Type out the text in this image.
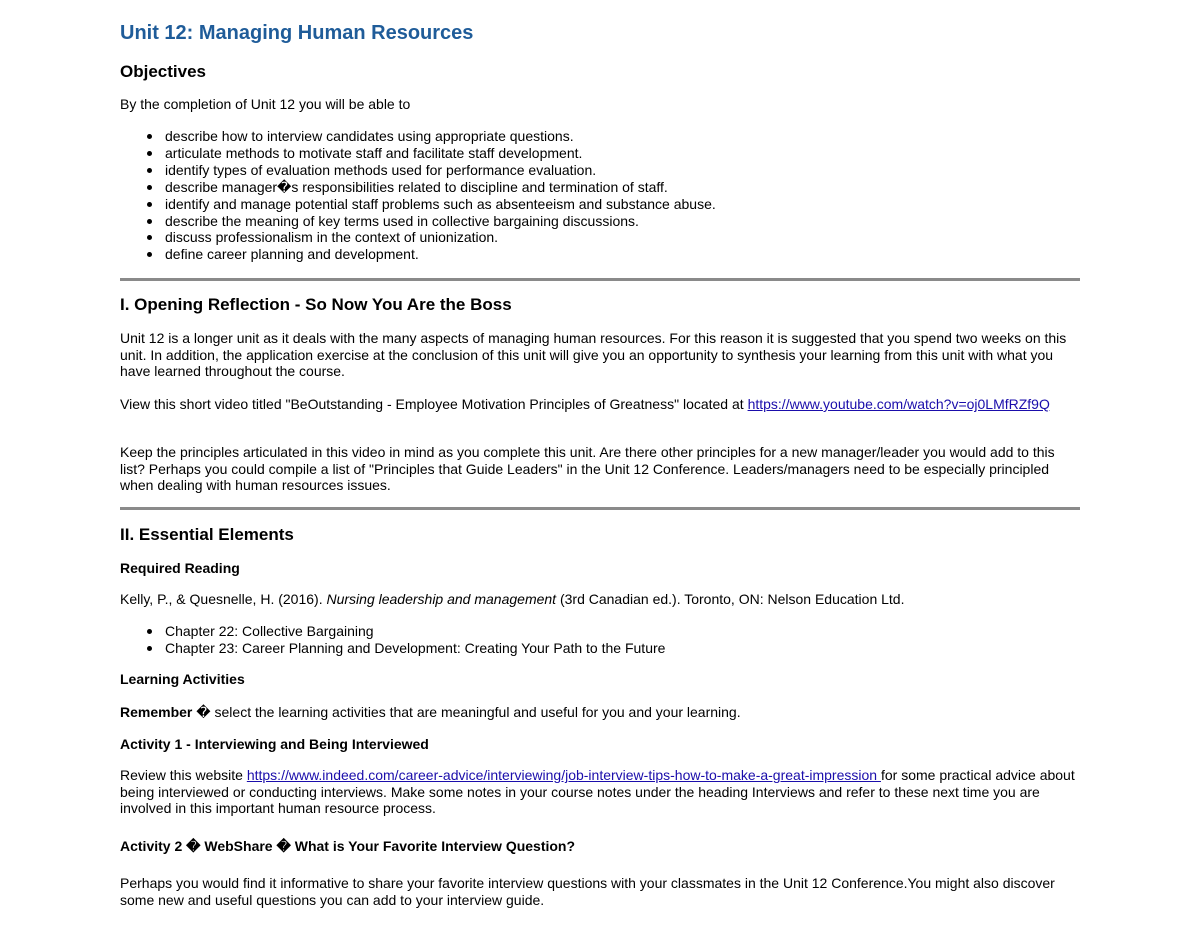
Unit 12: Managing Human Resources
Objectives

By the completion of Unit 12 you will be able to

describe how to interview candidates using appropriate questions.
articulate methods to motivate staff and facilitate staff development.
identify types of evaluation methods used for performance evaluation.
describe manager�s responsibilities related to discipline and termination of staff.
identify and manage potential staff problems such as absenteeism and substance abuse.
describe the meaning of key terms used in collective bargaining discussions.
discuss professionalism in the context of unionization.
define career planning and development.
I. Opening Reflection - So Now You Are the Boss

Unit 12 is a longer unit as it deals with the many aspects of managing human resources. For this reason it is suggested that you spend two weeks on this unit. In addition, the application exercise at the conclusion of this unit will give you an opportunity to synthesis your learning from this unit with what you have learned throughout the course.

View this short video titled "BeOutstanding - Employee Motivation Principles of Greatness" located at https://www.youtube.com/watch?v=oj0LMfRZf9Q

Keep the principles articulated in this video in mind as you complete this unit. Are there other principles for a new manager/leader you would add to this list? Perhaps you could compile a list of "Principles that Guide Leaders" in the Unit 12 Conference. Leaders/managers need to be especially principled when dealing with human resources issues.

II. Essential Elements
Required Reading

Kelly, P., & Quesnelle, H. (2016). Nursing leadership and management (3rd Canadian ed.). Toronto, ON: Nelson Education Ltd.

Chapter 22: Collective Bargaining
Chapter 23: Career Planning and Development: Creating Your Path to the Future
Learning Activities

Remember � select the learning activities that are meaningful and useful for you and your learning.

Activity 1 - Interviewing and Being Interviewed

Review this website https://www.indeed.com/career-advice/interviewing/job-interview-tips-how-to-make-a-great-impression for some practical advice about being interviewed or conducting interviews. Make some notes in your course notes under the heading Interviews and refer to these next time you are involved in this important human resource process.

Activity 2 � WebShare � What is Your Favorite Interview Question?

Perhaps you would find it informative to share your favorite interview questions with your classmates in the Unit 12 Conference.You might also discover some new and useful questions you can add to your interview guide.
